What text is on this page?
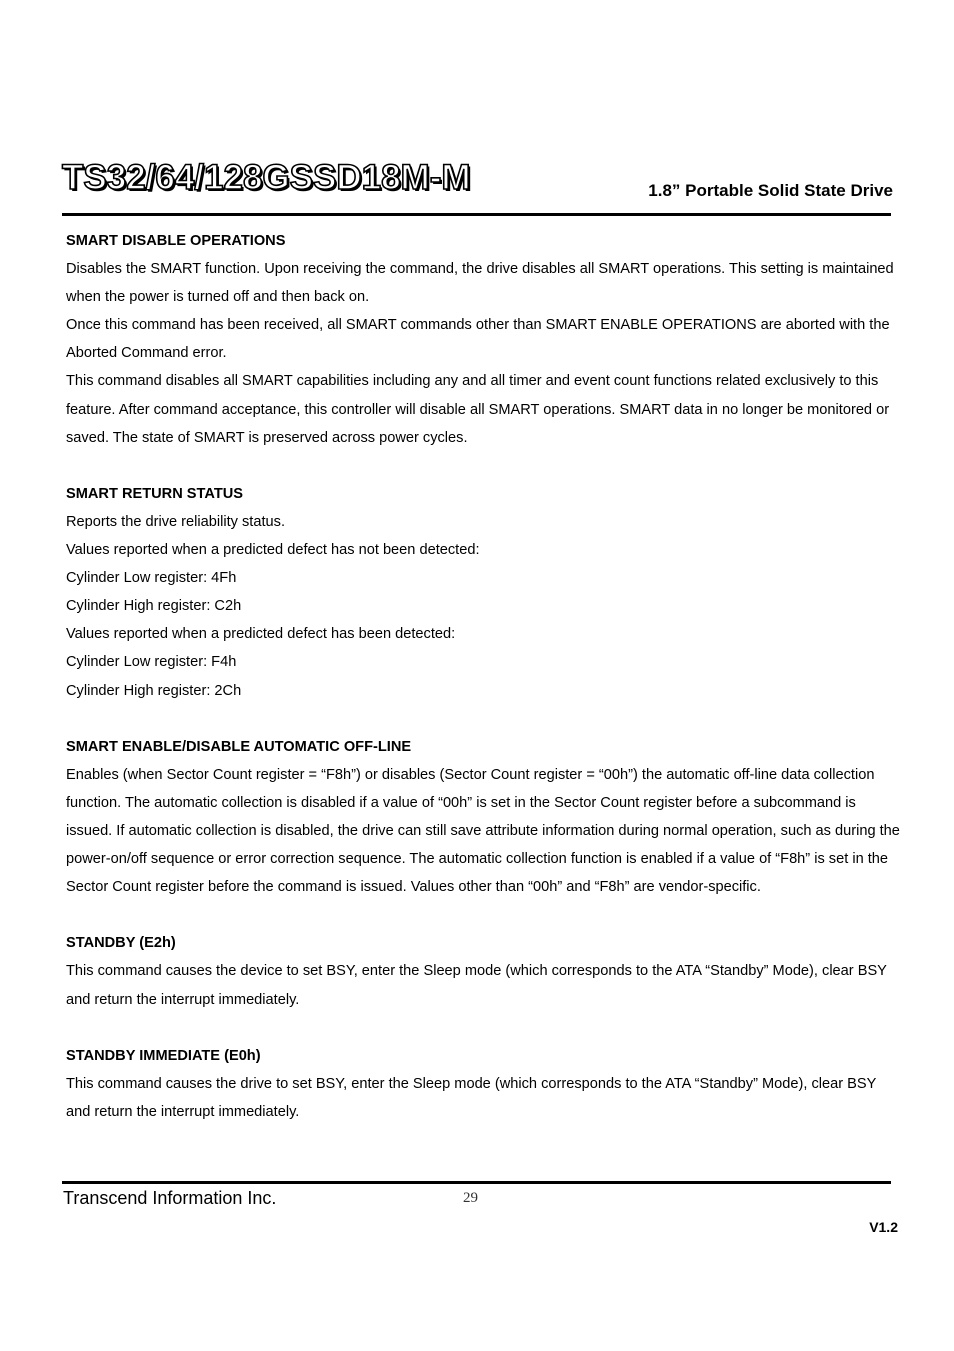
TS32/64/128GSSD18M-M	1.8” Portable Solid State Drive
SMART DISABLE OPERATIONS

Disables the SMART function. Upon receiving the command, the drive disables all SMART operations. This setting is maintained when the power is turned off and then back on.

Once this command has been received, all SMART commands other than SMART ENABLE OPERATIONS are aborted with the Aborted Command error.

This command disables all SMART capabilities including any and all timer and event count functions related exclusively to this feature. After command acceptance, this controller will disable all SMART operations. SMART data in no longer be monitored or saved. The state of SMART is preserved across power cycles.

SMART RETURN STATUS

Reports the drive reliability status.

Values reported when a predicted defect has not been detected:

Cylinder Low register: 4Fh

Cylinder High register: C2h

Values reported when a predicted defect has been detected:

Cylinder Low register: F4h

Cylinder High register: 2Ch

SMART ENABLE/DISABLE AUTOMATIC OFF-LINE

Enables (when Sector Count register = “F8h”) or disables (Sector Count register = “00h”) the automatic off-line data collection function. The automatic collection is disabled if a value of “00h” is set in the Sector Count register before a subcommand is issued. If automatic collection is disabled, the drive can still save attribute information during normal operation, such as during the power-on/off sequence or error correction sequence. The automatic collection function is enabled if a value of “F8h” is set in the Sector Count register before the command is issued. Values other than “00h” and “F8h” are vendor-specific.

STANDBY (E2h)

This command causes the device to set BSY, enter the Sleep mode (which corresponds to the ATA “Standby” Mode), clear BSY and return the interrupt immediately.

STANDBY IMMEDIATE (E0h)

This command causes the drive to set BSY, enter the Sleep mode (which corresponds to the ATA “Standby” Mode), clear BSY and return the interrupt immediately.

Transcend Information Inc.	29
V1.2
